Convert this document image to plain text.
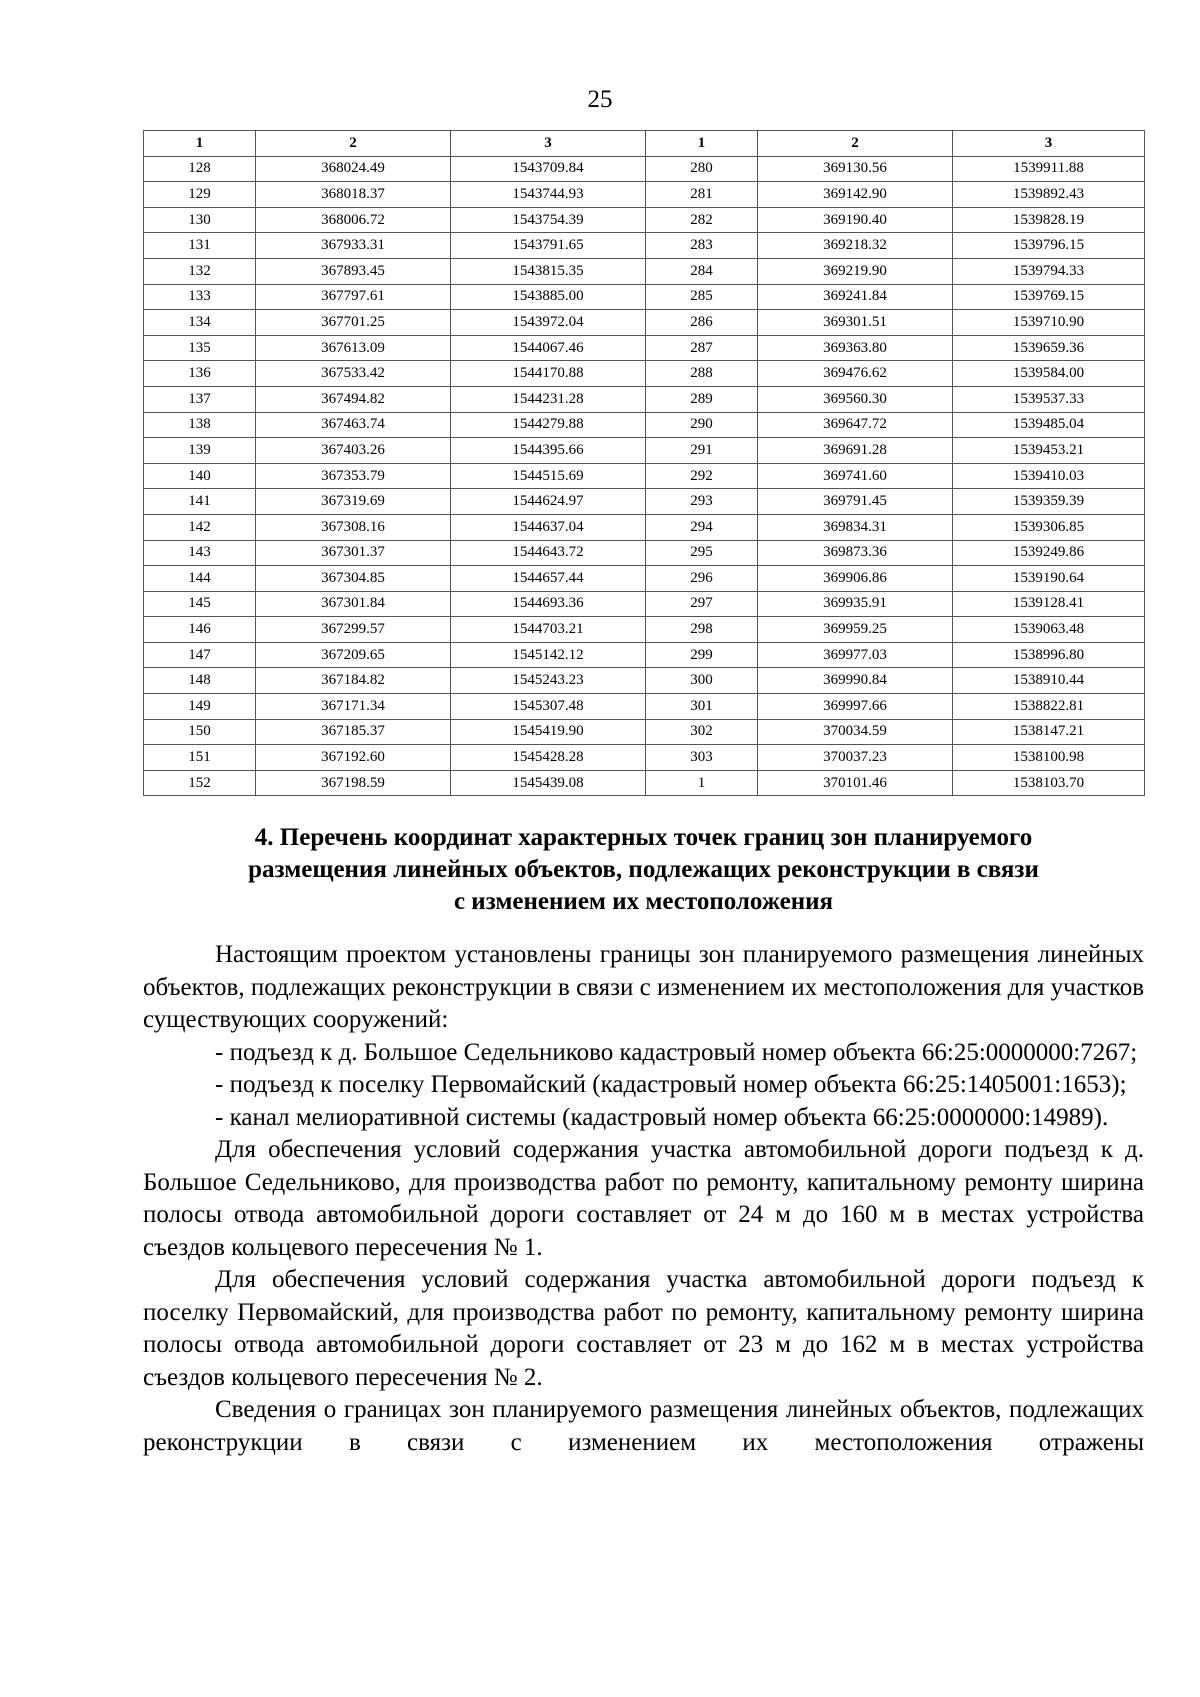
25
1	2	3	1	2	3
128	368024.49	1543709.84	280	369130.56	1539911.88
129	368018.37	1543744.93	281	369142.90	1539892.43
130	368006.72	1543754.39	282	369190.40	1539828.19
131	367933.31	1543791.65	283	369218.32	1539796.15
132	367893.45	1543815.35	284	369219.90	1539794.33
133	367797.61	1543885.00	285	369241.84	1539769.15
134	367701.25	1543972.04	286	369301.51	1539710.90
135	367613.09	1544067.46	287	369363.80	1539659.36
136	367533.42	1544170.88	288	369476.62	1539584.00
137	367494.82	1544231.28	289	369560.30	1539537.33
138	367463.74	1544279.88	290	369647.72	1539485.04
139	367403.26	1544395.66	291	369691.28	1539453.21
140	367353.79	1544515.69	292	369741.60	1539410.03
141	367319.69	1544624.97	293	369791.45	1539359.39
142	367308.16	1544637.04	294	369834.31	1539306.85
143	367301.37	1544643.72	295	369873.36	1539249.86
144	367304.85	1544657.44	296	369906.86	1539190.64
145	367301.84	1544693.36	297	369935.91	1539128.41
146	367299.57	1544703.21	298	369959.25	1539063.48
147	367209.65	1545142.12	299	369977.03	1538996.80
148	367184.82	1545243.23	300	369990.84	1538910.44
149	367171.34	1545307.48	301	369997.66	1538822.81
150	367185.37	1545419.90	302	370034.59	1538147.21
151	367192.60	1545428.28	303	370037.23	1538100.98
152	367198.59	1545439.08	1	370101.46	1538103.70
4. Перечень координат характерных точек границ зон планируемого
размещения линейных объектов, подлежащих реконструкции в связи
с изменением их местоположения

Настоящим проектом установлены границы зон планируемого размещения линейных объектов, подлежащих реконструкции в связи с изменением их местоположения для участков существующих сооружений:

- подъезд к д. Большое Седельниково кадастровый номер объекта 66:25:0000000:7267;

- подъезд к поселку Первомайский (кадастровый номер объекта 66:25:1405001:1653);

- канал мелиоративной системы (кадастровый номер объекта 66:25:0000000:14989).

Для обеспечения условий содержания участка автомобильной дороги подъезд к д. Большое Седельниково, для производства работ по ремонту, капитальному ремонту ширина полосы отвода автомобильной дороги составляет от 24 м до 160 м в местах устройства съездов кольцевого пересечения № 1.

Для обеспечения условий содержания участка автомобильной дороги подъезд к поселку Первомайский, для производства работ по ремонту, капитальному ремонту ширина полосы отвода автомобильной дороги составляет от 23 м до 162 м в местах устройства съездов кольцевого пересечения № 2.

Сведения о границах зон планируемого размещения линейных объектов, подлежащих реконструкции в связи с изменением их местоположения отражены
